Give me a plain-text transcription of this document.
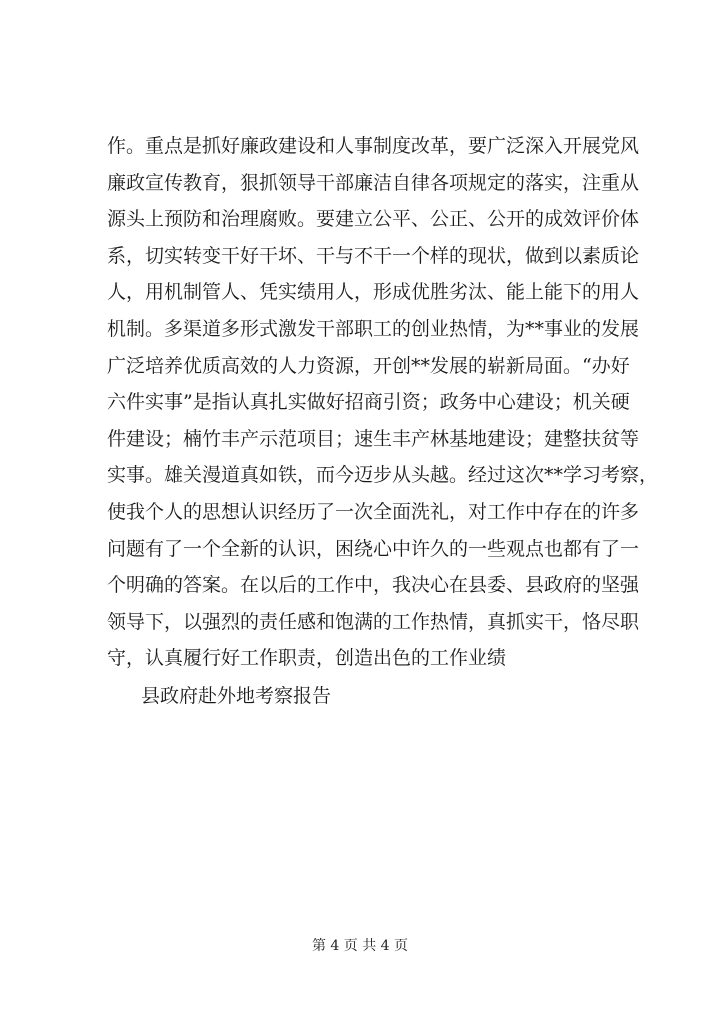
作。重点是抓好廉政建设和人事制度改革，要广泛深入开展党风
廉政宣传教育，狠抓领导干部廉洁自律各项规定的落实，注重从
源头上预防和治理腐败。要建立公平、公正、公开的成效评价体
系，切实转变干好干坏、干与不干一个样的现状，做到以素质论
人，用机制管人、凭实绩用人，形成优胜劣汰、能上能下的用人
机制。多渠道多形式激发干部职工的创业热情，为**事业的发展
广泛培养优质高效的人力资源，开创**发展的崭新局面。“办好
六件实事”是指认真扎实做好招商引资；政务中心建设；机关硬
件建设；楠竹丰产示范项目；速生丰产林基地建设；建整扶贫等
实事。雄关漫道真如铁，而今迈步从头越。经过这次**学习考察，
使我个人的思想认识经历了一次全面洗礼，对工作中存在的许多
问题有了一个全新的认识，困绕心中许久的一些观点也都有了一
个明确的答案。在以后的工作中，我决心在县委、县政府的坚强
领导下，以强烈的责任感和饱满的工作热情，真抓实干，恪尽职
守，认真履行好工作职责，创造出色的工作业绩

县政府赴外地考察报告

第 4 页 共 4 页
